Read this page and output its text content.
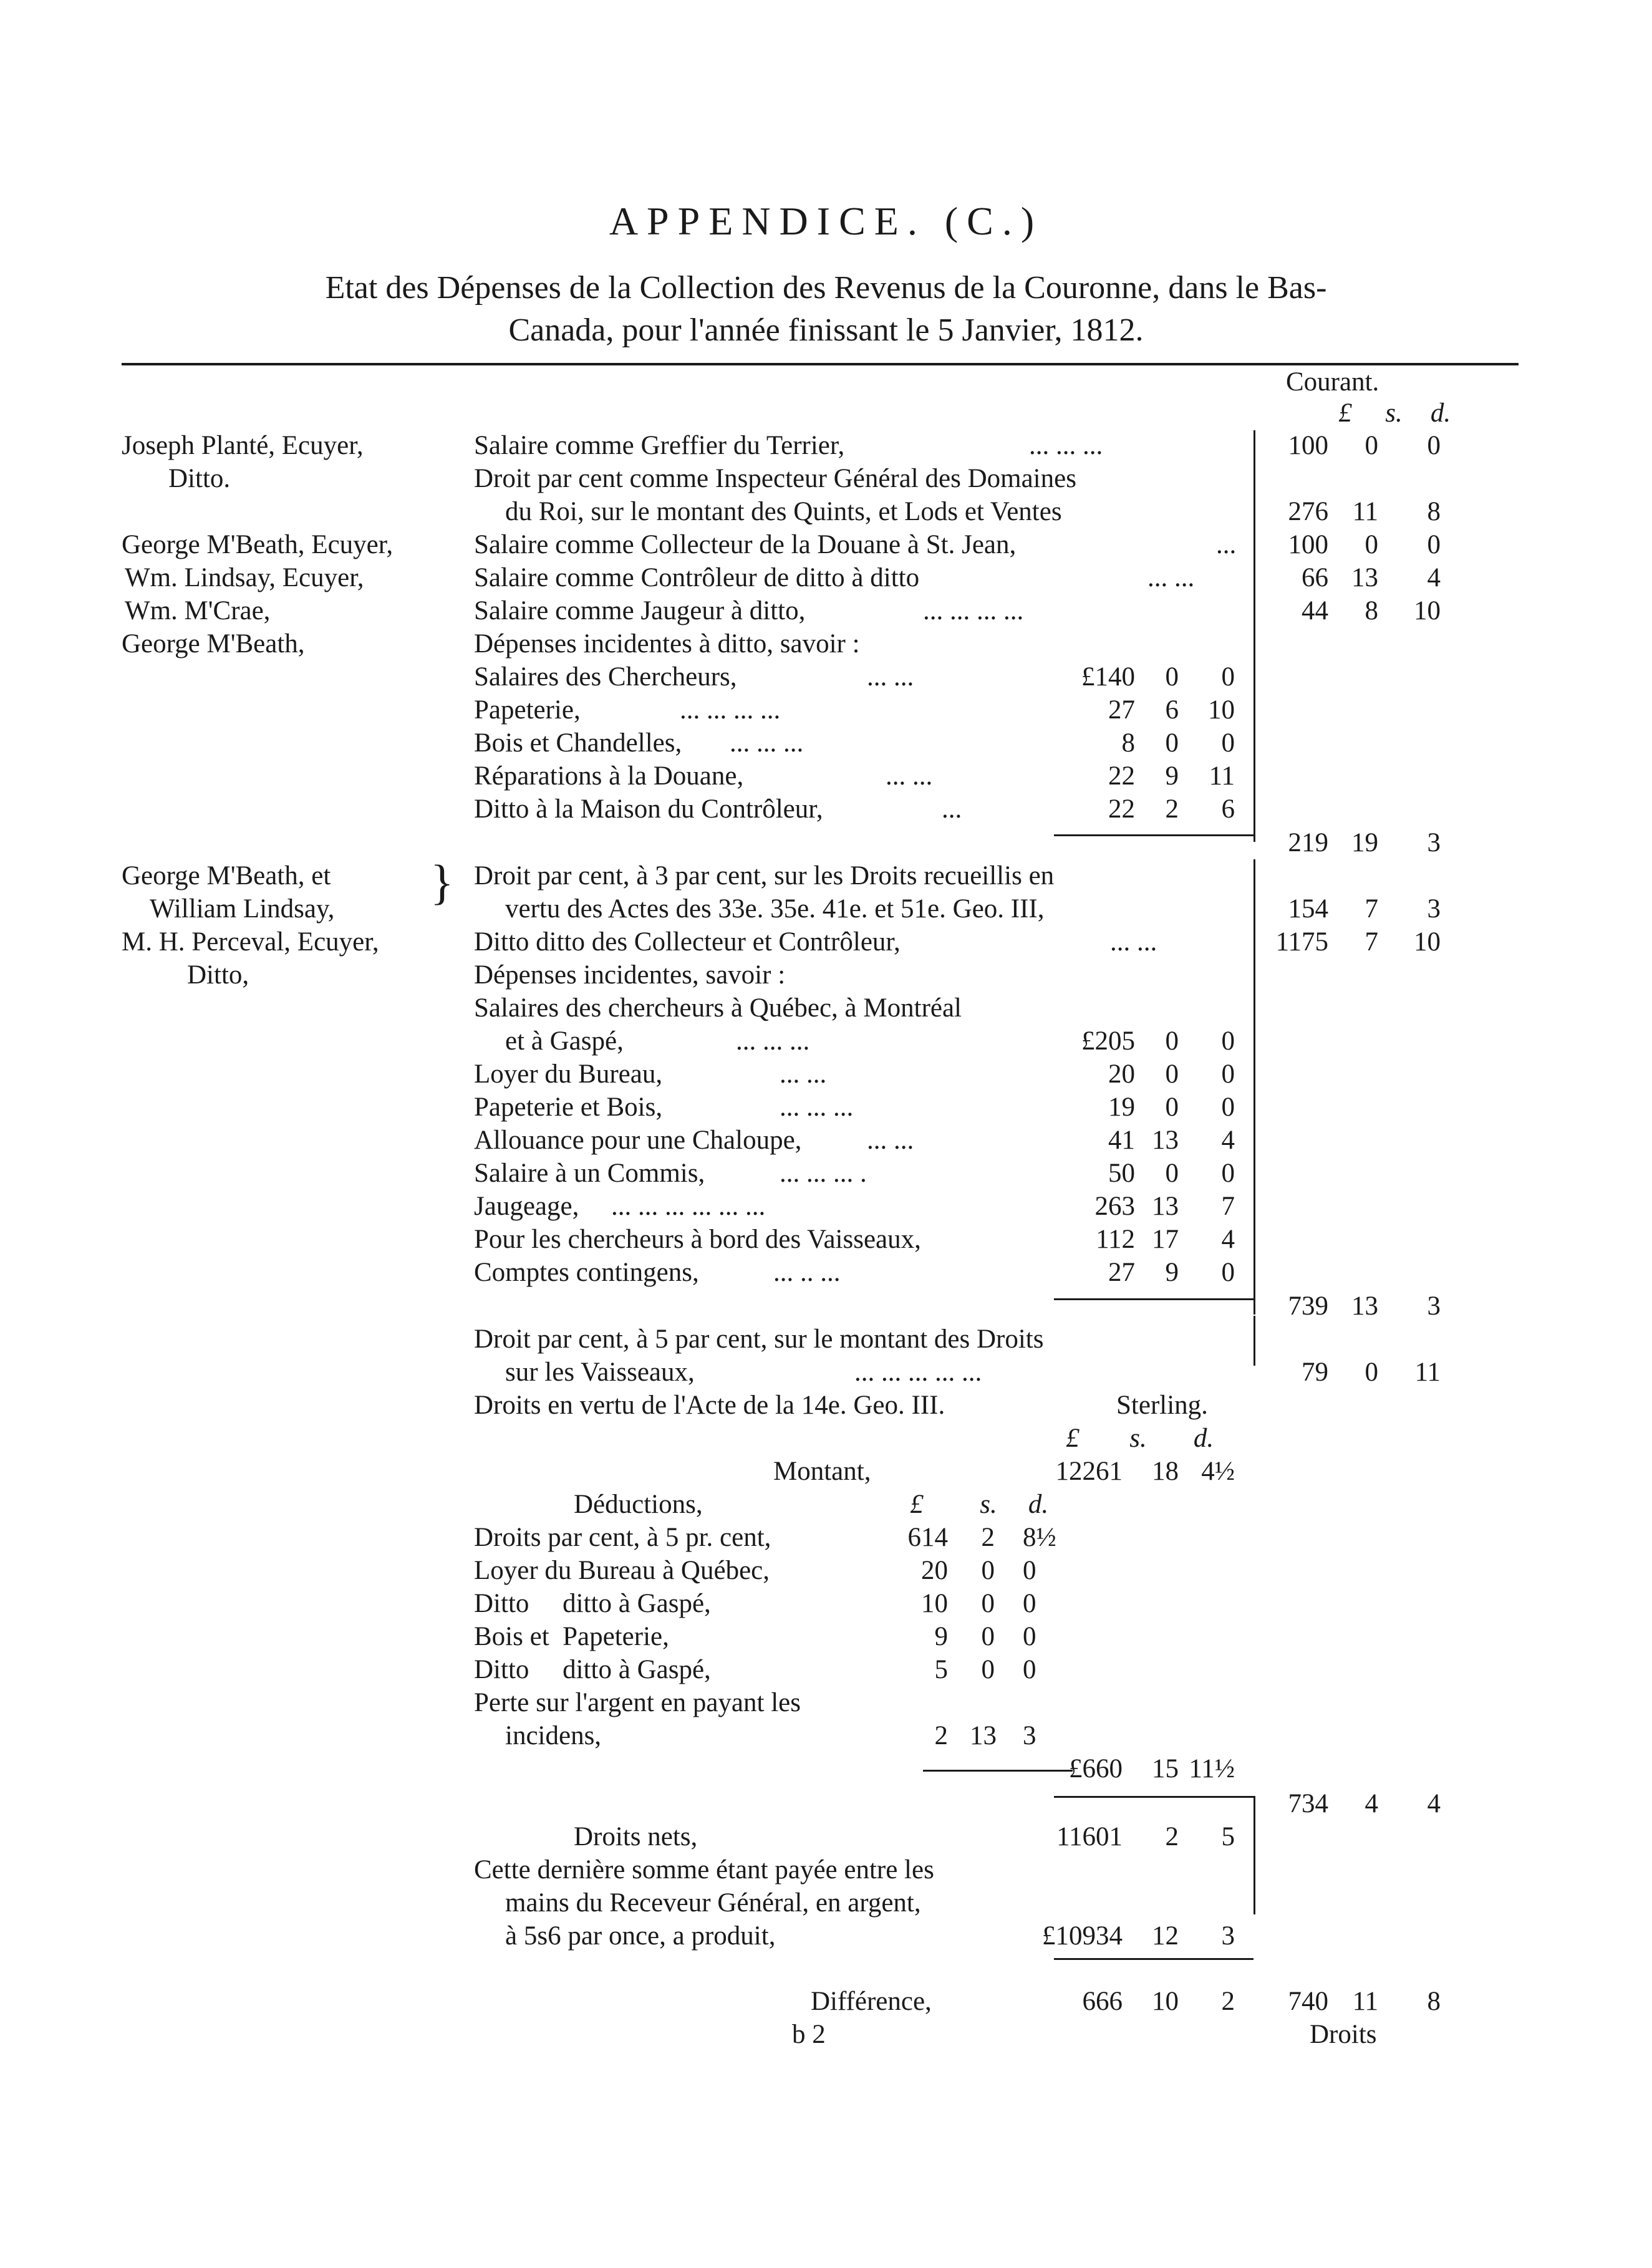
APPENDICE. (C.)
Etat des Dépenses de la Collection des Revenus de la Couronne, dans le Bas-
Canada, pour l'année finissant le 5 Janvier, 1812.
Courant.
£	s.	d.
Joseph Planté, Ecuyer,	Salaire comme Greffier du Terrier,	... ... ...	100	0	0
Ditto.	Droit par cent comme Inspecteur Général des Domaines
du Roi, sur le montant des Quints, et Lods et Ventes	276 11	8
George M'Beath, Ecuyer,	Salaire comme Collecteur de la Douane à St. Jean,	...	100	0	0
Wm. Lindsay, Ecuyer,	Salaire comme Contrôleur de ditto à ditto	... ...	66 13	4
Wm. M'Crae,	Salaire comme Jaugeur à ditto,	... ... ... ...	44	8	10
George M'Beath,	Dépenses incidentes à ditto, savoir :
Salaires des Chercheurs,	... ...	£140	0	0
Papeterie,	... ... ... ...	27	6	10
Bois et Chandelles, ... ... ...	8	0	0
Réparations à la Douane,	... ...	22	9	11
Ditto à la Maison du Contrôleur,	...	22	2	6
219 19	3
George M'Beath, et	Droit par cent, à 3 par cent, sur les Droits recueillis en
}
William Lindsay,	vertu des Actes des 33e. 35e. 41e. et 51e. Geo. III,	154	7	3
M. H. Perceval, Ecuyer,	Ditto ditto des Collecteur et Contrôleur,	... ...	1175	7	10
Ditto,	Dépenses incidentes, savoir :
Salaires des chercheurs à Québec, à Montréal
et à Gaspé,	... ... ...	£205	0	0
Loyer du Bureau,	... ...	20	0	0
Papeterie et Bois,	... ... ...	19	0	0
Allouance pour une Chaloupe, ... ...	41 13	4
Salaire à un Commis,	... ... ... .	50	0	0
Jaugeage, ... ... ... ... ... ...	263 13	7
Pour les chercheurs à bord des Vaisseaux,	112 17	4
Comptes contingens,	... .. ...	27	9	0
739 13	3
Droit par cent, à 5 par cent, sur le montant des Droits
sur les Vaisseaux,	... ... ... ... ...	79	0	11
Droits en vertu de l'Acte de la 14e. Geo. III.	Sterling.
£	s.	d.
Montant,	12261	18 4½
Déductions,	£	s. d.
Droits par cent, à 5 pr. cent,	614	2 8½
Loyer du Bureau à Québec,	20	0 0
Ditto     ditto à Gaspé,	10	0 0
Bois et  Papeterie,	9	0 0
Ditto     ditto à Gaspé,	5	0 0
Perte sur l'argent en payant les
incidens,	2 13 3
£660	15 11½
734	4	4
Droits nets,	11601	2	5
Cette dernière somme étant payée entre les
mains du Receveur Général, en argent,
à 5s6 par once, a produit,	£10934	12	3
Différence,	666	10	2	740 11	8
b 2	Droits
